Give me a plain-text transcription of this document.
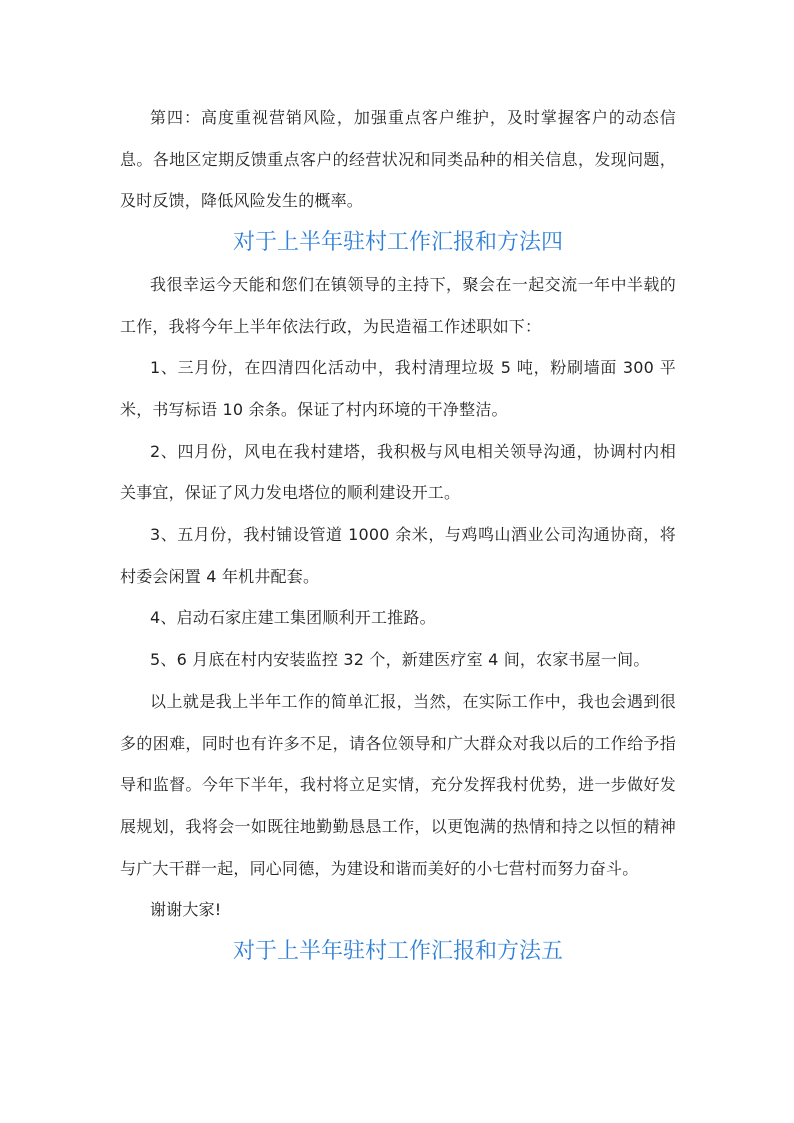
第四：高度重视营销风险，加强重点客户维护，及时掌握客户的动态信息。各地区定期反馈重点客户的经营状况和同类品种的相关信息，发现问题，及时反馈，降低风险发生的概率。

对于上半年驻村工作汇报和方法四

我很幸运今天能和您们在镇领导的主持下，聚会在一起交流一年中半载的工作，我将今年上半年依法行政，为民造福工作述职如下：

1、三月份，在四清四化活动中，我村清理垃圾 5 吨，粉刷墙面 300 平米，书写标语 10 余条。保证了村内环境的干净整洁。

2、四月份，风电在我村建塔，我积极与风电相关领导沟通，协调村内相关事宜，保证了风力发电塔位的顺利建设开工。

3、五月份，我村铺设管道 1000 余米，与鸡鸣山酒业公司沟通协商，将村委会闲置 4 年机井配套。

4、启动石家庄建工集团顺利开工推路。

5、6 月底在村内安装监控 32 个，新建医疗室 4 间，农家书屋一间。

以上就是我上半年工作的简单汇报，当然，在实际工作中，我也会遇到很多的困难，同时也有许多不足，请各位领导和广大群众对我以后的工作给予指导和监督。今年下半年，我村将立足实情，充分发挥我村优势，进一步做好发展规划，我将会一如既往地勤勤恳恳工作，以更饱满的热情和持之以恒的精神与广大干群一起，同心同德，为建设和谐而美好的小七营村而努力奋斗。

谢谢大家!

对于上半年驻村工作汇报和方法五
